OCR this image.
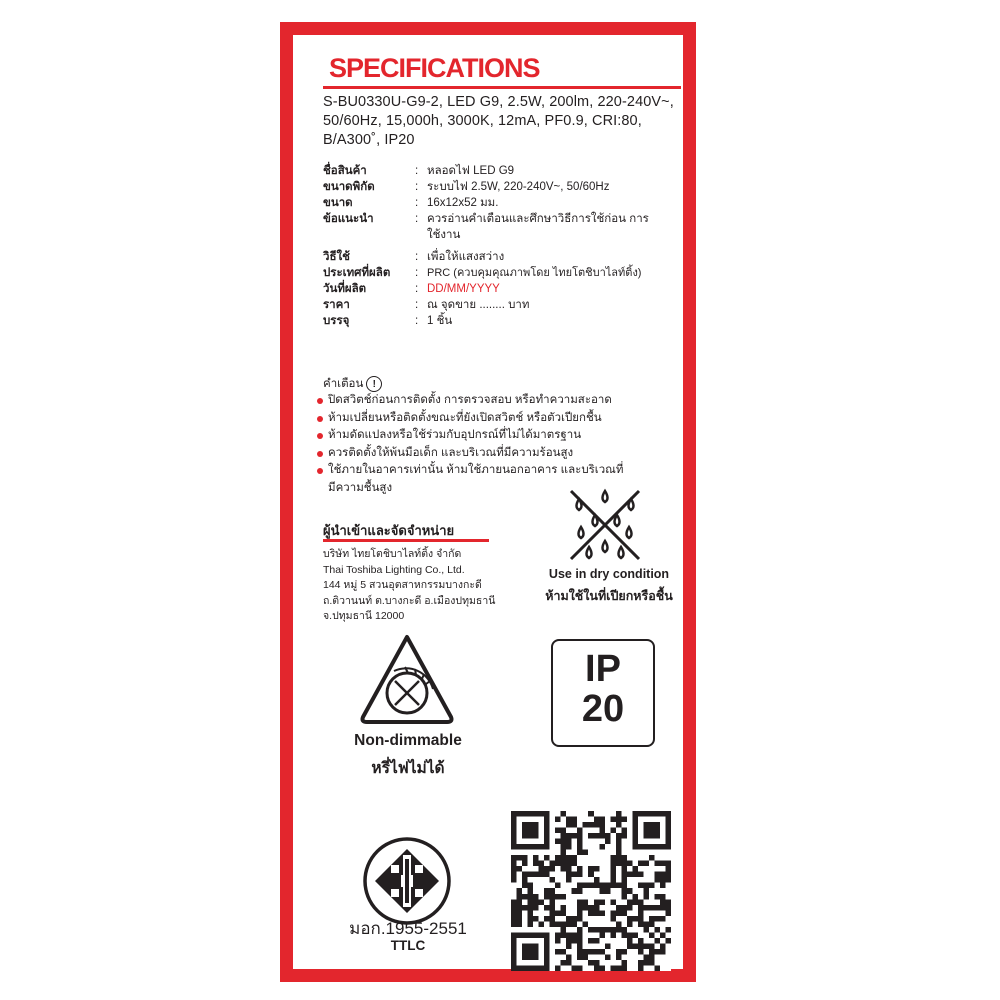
SPECIFICATIONS
S-BU0330U-G9-2, LED G9, 2.5W, 200lm, 220-240V~, 50/60Hz, 15,000h, 3000K, 12mA, PF0.9, CRI:80, B/A300˚, IP20
ชื่อสินค้า	: หลอดไฟ LED G9
ขนาดพิกัด	: ระบบไฟ 2.5W, 220-240V~, 50/60Hz
ขนาด	: 16x12x52 มม.
ข้อแนะนำ	: ควรอ่านคำเตือนและศึกษาวิธีการใช้ก่อน การใช้งาน
วิธีใช้	: เพื่อให้แสงสว่าง
ประเทศที่ผลิต	: PRC (ควบคุมคุณภาพโดย ไทยโตชิบาไลท์ติ้ง)
วันที่ผลิต	: DD/MM/YYYY
ราคา	: ณ จุดขาย ........ บาท
บรรจุ	: 1 ชิ้น
คำเตือน !
ปิดสวิตช์ก่อนการติดตั้ง การตรวจสอบ หรือทำความสะอาด
ห้ามเปลี่ยนหรือติดตั้งขณะที่ยังเปิดสวิตช์ หรือตัวเปียกชื้น
ห้ามดัดแปลงหรือใช้ร่วมกับอุปกรณ์ที่ไม่ได้มาตรฐาน
ควรติดตั้งให้พ้นมือเด็ก และบริเวณที่มีความร้อนสูง
ใช้ภายในอาคารเท่านั้น ห้ามใช้ภายนอกอาคาร และบริเวณที่มีความชื้นสูง
ผู้นำเข้าและจัดจำหน่าย
บริษัท ไทยโตชิบาไลท์ติ้ง จำกัด
Thai Toshiba Lighting Co., Ltd.
144 หมู่ 5 สวนอุตสาหกรรมบางกะดี
ถ.ติวานนท์ ต.บางกะดี อ.เมืองปทุมธานี
จ.ปทุมธานี 12000
Use in dry condition
ห้ามใช้ในที่เปียกหรือชื้น
Non-dimmable
หรี่ไฟไม่ได้
IP
20
มอก.1955-2551
TTLC
